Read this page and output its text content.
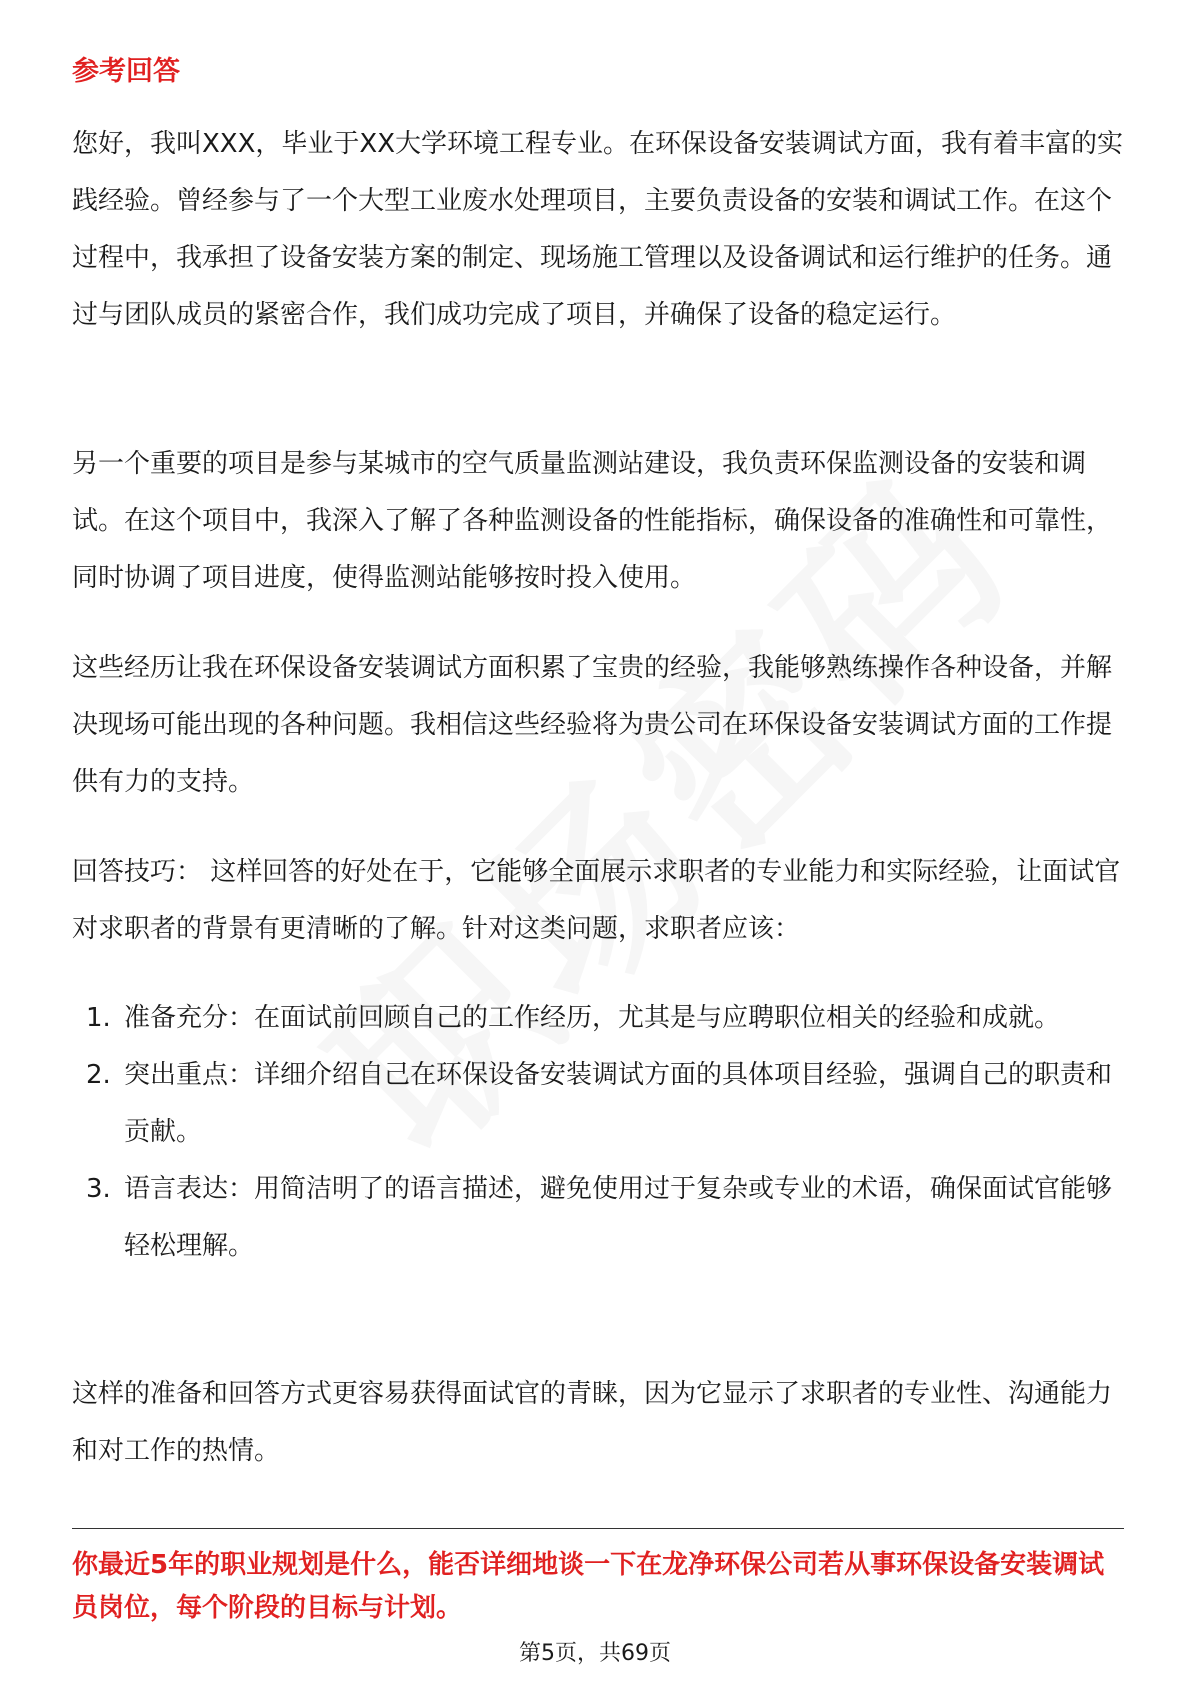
参考回答

您好，我叫XXX，毕业于XX大学环境工程专业。在环保设备安装调试方面，我有着丰富的实践经验。曾经参与了一个大型工业废水处理项目，主要负责设备的安装和调试工作。在这个过程中，我承担了设备安装方案的制定、现场施工管理以及设备调试和运行维护的任务。通过与团队成员的紧密合作，我们成功完成了项目，并确保了设备的稳定运行。

另一个重要的项目是参与某城市的空气质量监测站建设，我负责环保监测设备的安装和调试。在这个项目中，我深入了解了各种监测设备的性能指标，确保设备的准确性和可靠性，同时协调了项目进度，使得监测站能够按时投入使用。

这些经历让我在环保设备安装调试方面积累了宝贵的经验，我能够熟练操作各种设备，并解决现场可能出现的各种问题。我相信这些经验将为贵公司在环保设备安装调试方面的工作提供有力的支持。

回答技巧： 这样回答的好处在于，它能够全面展示求职者的专业能力和实际经验，让面试官对求职者的背景有更清晰的了解。针对这类问题，求职者应该：

1. 准备充分：在面试前回顾自己的工作经历，尤其是与应聘职位相关的经验和成就。
2. 突出重点：详细介绍自己在环保设备安装调试方面的具体项目经验，强调自己的职责和贡献。
3. 语言表达：用简洁明了的语言描述，避免使用过于复杂或专业的术语，确保面试官能够轻松理解。

这样的准备和回答方式更容易获得面试官的青睐，因为它显示了求职者的专业性、沟通能力和对工作的热情。

你最近5年的职业规划是什么，能否详细地谈一下在龙净环保公司若从事环保设备安装调试员岗位，每个阶段的目标与计划。
第5页，共69页
